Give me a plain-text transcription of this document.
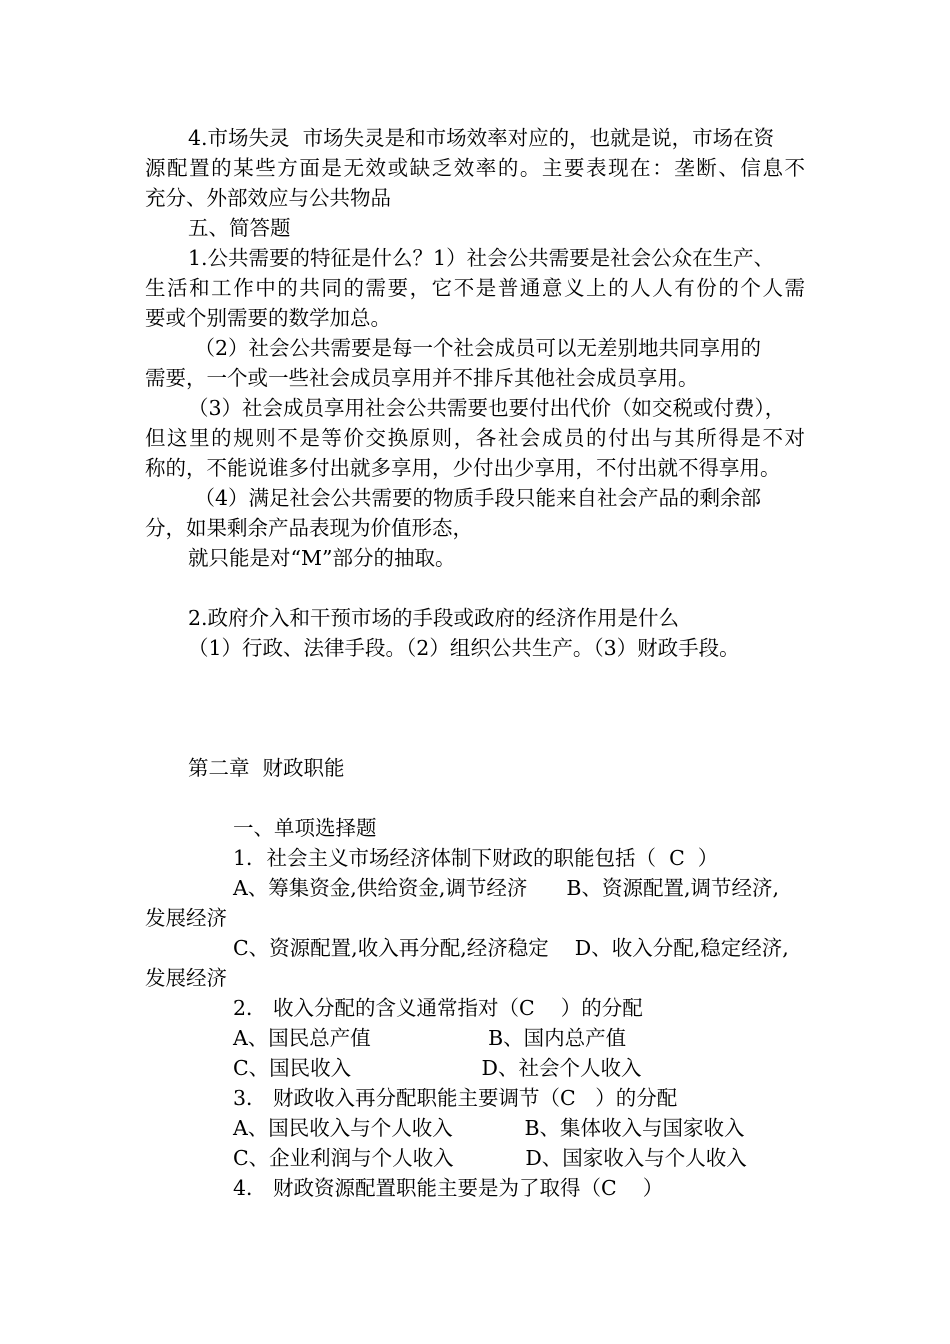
4.市场失灵  市场失灵是和市场效率对应的，也就是说，市场在资
源配置的某些方面是无效或缺乏效率的。主要表现在：垄断、信息不
充分、外部效应与公共物品
五、简答题
1.公共需要的特征是什么？1）社会公共需要是社会公众在生产、
生活和工作中的共同的需要，它不是普通意义上的人人有份的个人需
要或个别需要的数学加总。
（2）社会公共需要是每一个社会成员可以无差别地共同享用的
需要，一个或一些社会成员享用并不排斥其他社会成员享用。
（3）社会成员享用社会公共需要也要付出代价（如交税或付费），
但这里的规则不是等价交换原则，各社会成员的付出与其所得是不对
称的，不能说谁多付出就多享用，少付出少享用，不付出就不得享用。
（4）满足社会公共需要的物质手段只能来自社会产品的剩余部
分，如果剩余产品表现为价值形态，
就只能是对“M”部分的抽取。
2.政府介入和干预市场的手段或政府的经济作用是什么
（1）行政、法律手段。（2）组织公共生产。（3）财政手段。
第二章  财政职能
一、单项选择题
1．社会主义市场经济体制下财政的职能包括（  C  ）
A、筹集资金,供给资金,调节经济      B、资源配置,调节经济,
发展经济
C、资源配置,收入再分配,经济稳定    D、收入分配,稳定经济,
发展经济
2． 收入分配的含义通常指对（C    ）的分配
A、国民总产值                  B、国内总产值
C、国民收入                    D、社会个人收入
3． 财政收入再分配职能主要调节（C   ）的分配
A、国民收入与个人收入           B、集体收入与国家收入
C、企业利润与个人收入           D、国家收入与个人收入
4． 财政资源配置职能主要是为了取得（C    ）
